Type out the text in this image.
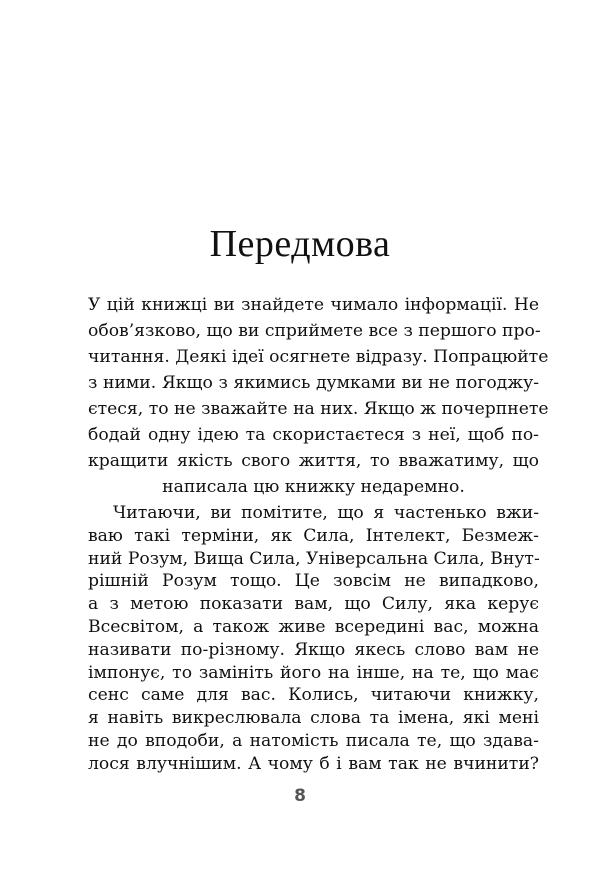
Передмова
У цій книжці ви знайдете чимало інформації. Не
обов’язково, що ви сприймете все з першого про-
читання. Деякі ідеї осягнете відразу. Попрацюйте
з ними. Якщо з якимись думками ви не погоджу-
єтеся, то не зважайте на них. Якщо ж почерпнете
бодай одну ідею та скористаєтеся з неї, щоб по-
кращити якість свого життя, то вважатиму, що
написала цю книжку недаремно.
Читаючи, ви помітите, що я частенько вжи-
ваю такі терміни, як Сила, Інтелект, Безмеж-
ний Розум, Вища Сила, Універсальна Сила, Внут-
рішній Розум тощо. Це зовсім не випадково,
а з метою показати вам, що Силу, яка керує
Всесвітом, а також живе всередині вас, можна
називати по-різному. Якщо якесь слово вам не
імпонує, то замініть його на інше, на те, що має
сенс саме для вас. Колись, читаючи книжку,
я навіть викреслювала слова та імена, які мені
не до вподоби, а натомість писала те, що здава-
8
лося влучнішим. А чому б і вам так не вчинити?
